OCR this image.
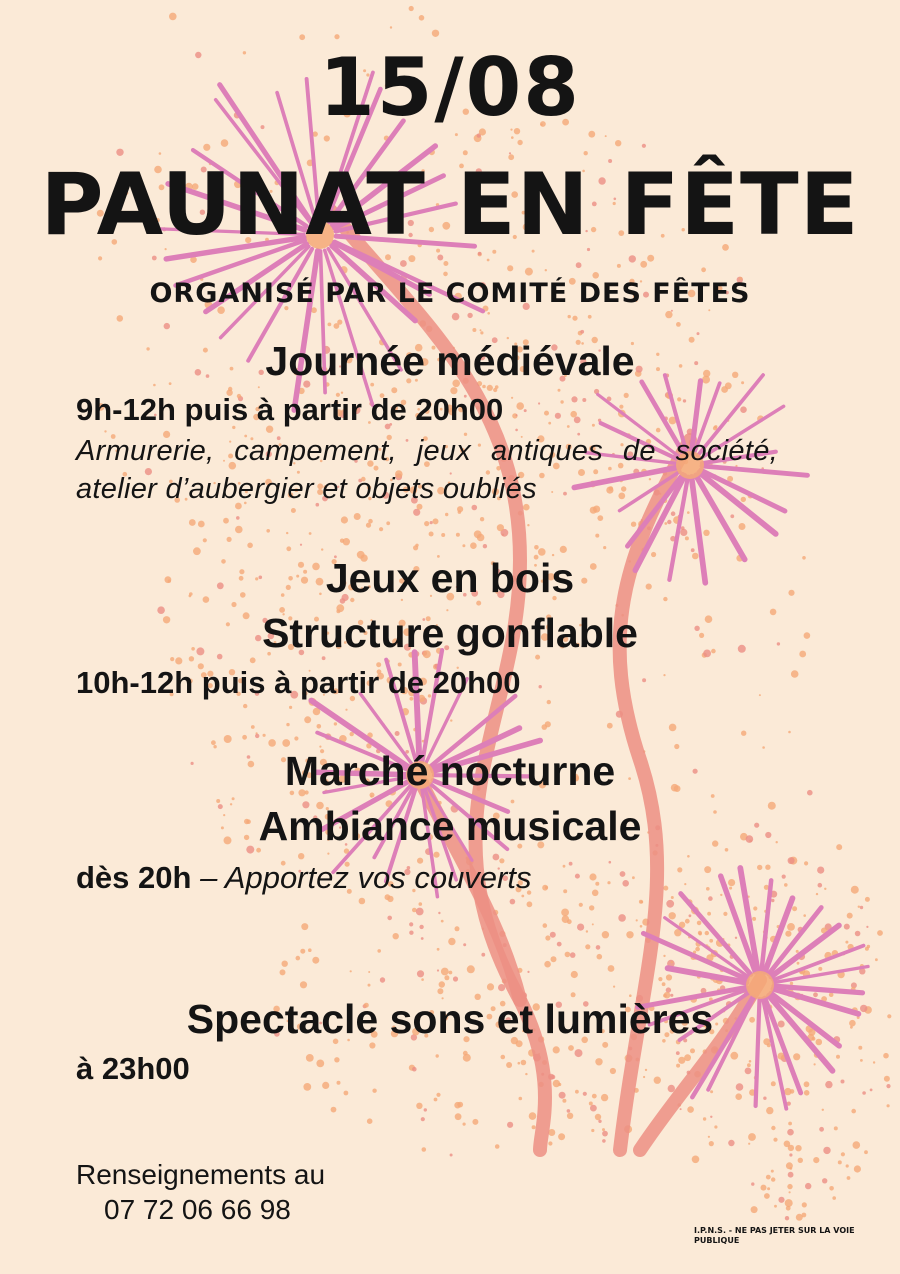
15/08
PAUNAT EN FÊTE
ORGANISÉ PAR LE COMITÉ DES FÊTES
Journée médiévale
9h-12h puis à partir de 20h00
Armurerie, campement, jeux antiques de société, atelier d’aubergier et objets oubliés
Jeux en bois
Structure gonflable
10h-12h puis à partir de 20h00
Marché nocturne
Ambiance musicale
dès 20h – Apportez vos couverts
Spectacle sons et lumières
à 23h00
Renseignements au
07 72 06 66 98
I.P.N.S. - NE PAS JETER SUR LA VOIE PUBLIQUE
